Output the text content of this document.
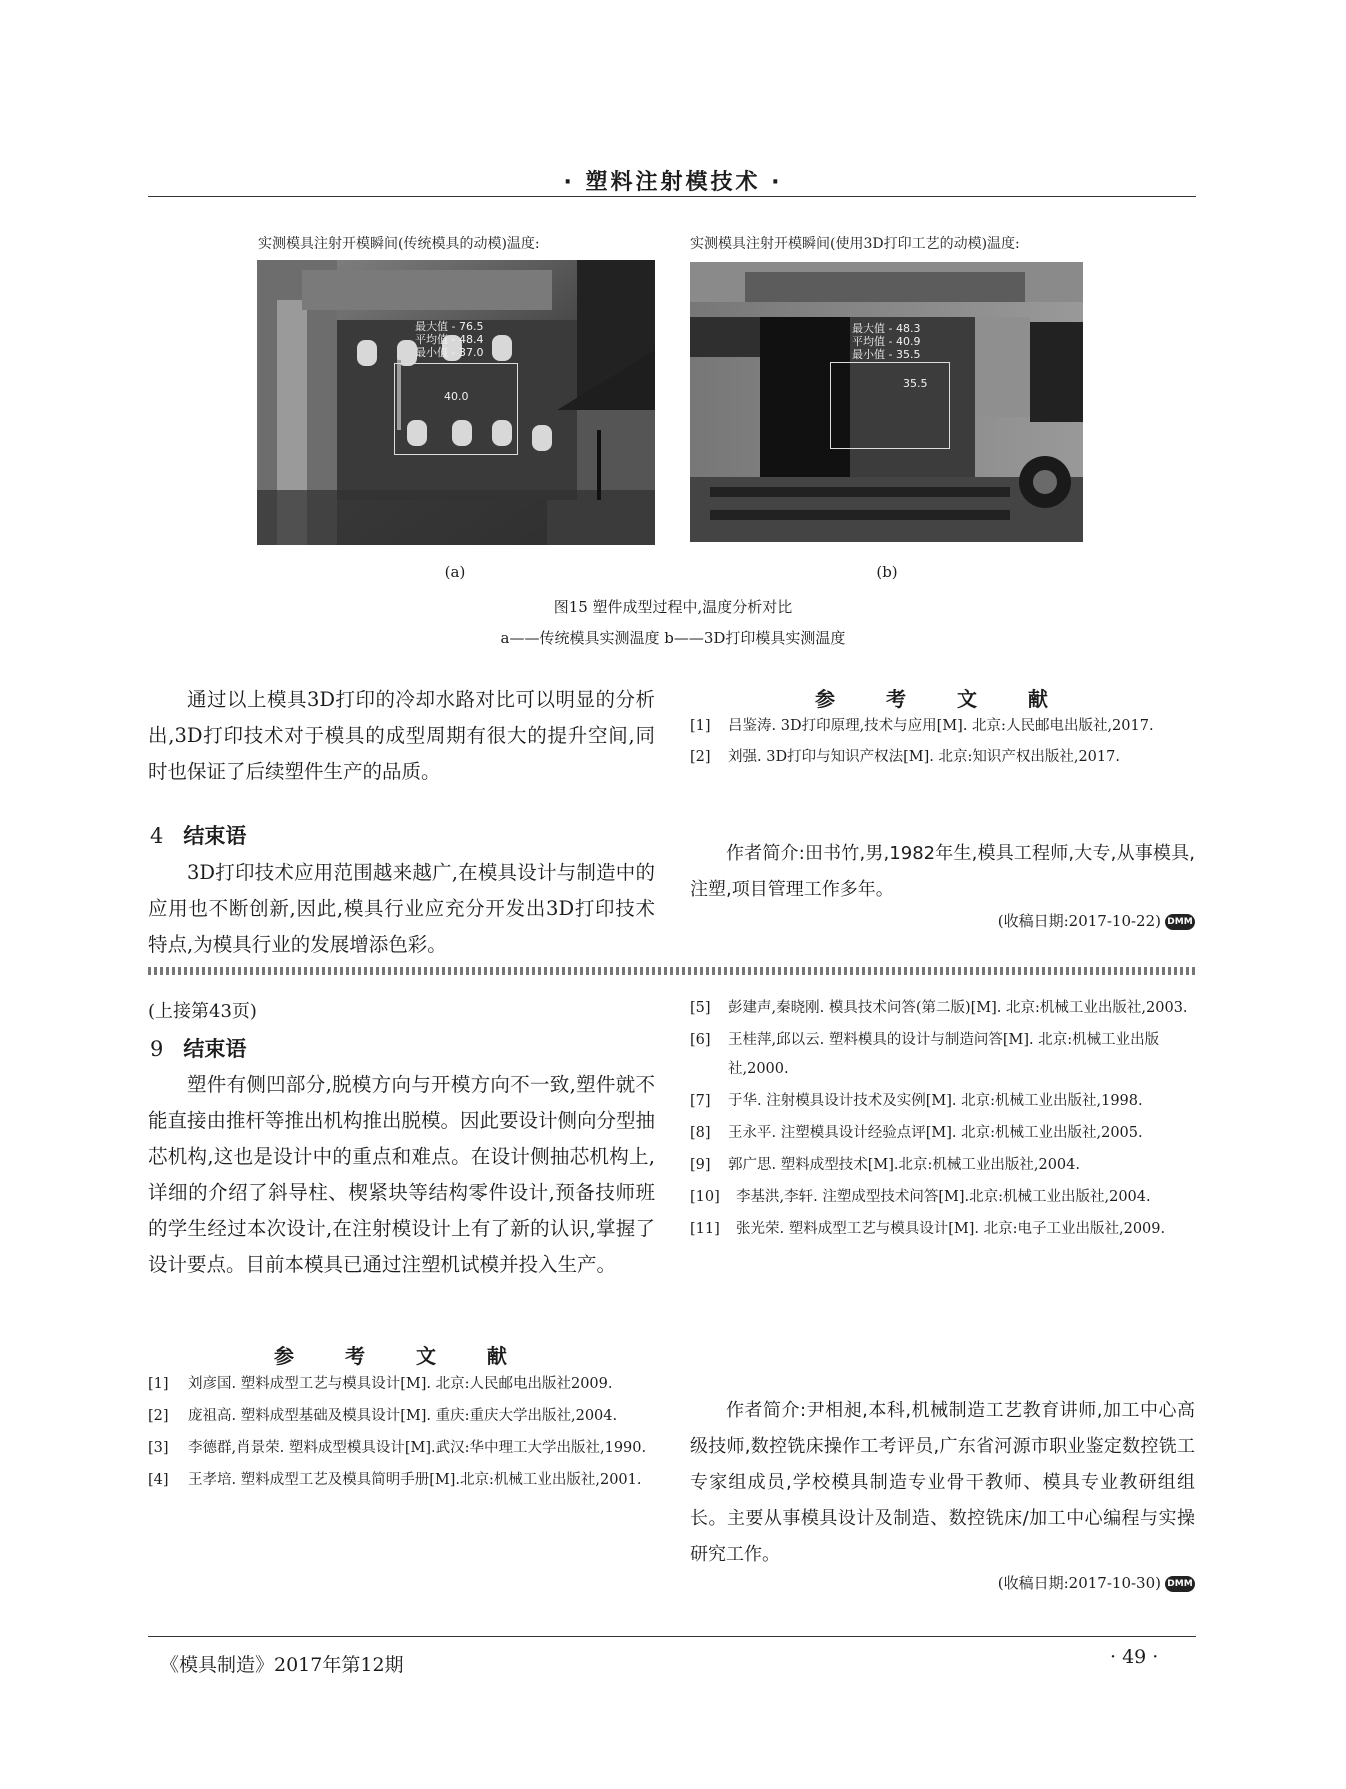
· 塑料注射模技术 ·
实测模具注射开模瞬间(传统模具的动模)温度:	实测模具注射开模瞬间(使用3D打印工艺的动模)温度:
最大值 - 76.5
平均值 - 48.4
最小值 - 37.0
40.0
最大值 - 48.3
平均值 - 40.9
最小值 - 35.5
35.5
(a)	(b)
图15 塑件成型过程中,温度分析对比
a——传统模具实测温度 b——3D打印模具实测温度
通过以上模具3D打印的冷却水路对比可以明显的分析出,3D打印技术对于模具的成型周期有很大的提升空间,同时也保证了后续塑件生产的品质。
4 结束语
3D打印技术应用范围越来越广,在模具设计与制造中的应用也不断创新,因此,模具行业应充分开发出3D打印技术特点,为模具行业的发展增添色彩。
参 考 文 献
[1]	吕鉴涛. 3D打印原理,技术与应用[M]. 北京:人民邮电出版社,2017.
[2]	刘强. 3D打印与知识产权法[M]. 北京:知识产权出版社,2017.
作者简介:田书竹,男,1982年生,模具工程师,大专,从事模具,注塑,项目管理工作多年。
(收稿日期:2017-10-22) DMM
(上接第43页)
9 结束语
塑件有侧凹部分,脱模方向与开模方向不一致,塑件就不能直接由推杆等推出机构推出脱模。因此要设计侧向分型抽芯机构,这也是设计中的重点和难点。在设计侧抽芯机构上,详细的介绍了斜导柱、楔紧块等结构零件设计,预备技师班的学生经过本次设计,在注射模设计上有了新的认识,掌握了设计要点。目前本模具已通过注塑机试模并投入生产。
参 考 文 献
[1]	刘彦国. 塑料成型工艺与模具设计[M]. 北京:人民邮电出版社2009.
[2]	庞祖高. 塑料成型基础及模具设计[M]. 重庆:重庆大学出版社,2004.
[3]	李德群,肖景荣. 塑料成型模具设计[M].武汉:华中理工大学出版社,1990.
[4]	王孝培. 塑料成型工艺及模具简明手册[M].北京:机械工业出版社,2001.
[5]	彭建声,秦晓刚. 模具技术问答(第二版)[M]. 北京:机械工业出版社,2003.
[6]	王桂萍,邱以云. 塑料模具的设计与制造问答[M]. 北京:机械工业出版社,2000.
[7]	于华. 注射模具设计技术及实例[M]. 北京:机械工业出版社,1998.
[8]	王永平. 注塑模具设计经验点评[M]. 北京:机械工业出版社,2005.
[9]	郭广思. 塑料成型技术[M].北京:机械工业出版社,2004.
[10]	李基洪,李轩. 注塑成型技术问答[M].北京:机械工业出版社,2004.
[11]	张光荣. 塑料成型工艺与模具设计[M]. 北京:电子工业出版社,2009.
作者简介:尹相昶,本科,机械制造工艺教育讲师,加工中心高级技师,数控铣床操作工考评员,广东省河源市职业鉴定数控铣工专家组成员,学校模具制造专业骨干教师、模具专业教研组组长。主要从事模具设计及制造、数控铣床/加工中心编程与实操研究工作。
(收稿日期:2017-10-30) DMM
《模具制造》2017年第12期	· 49 ·
